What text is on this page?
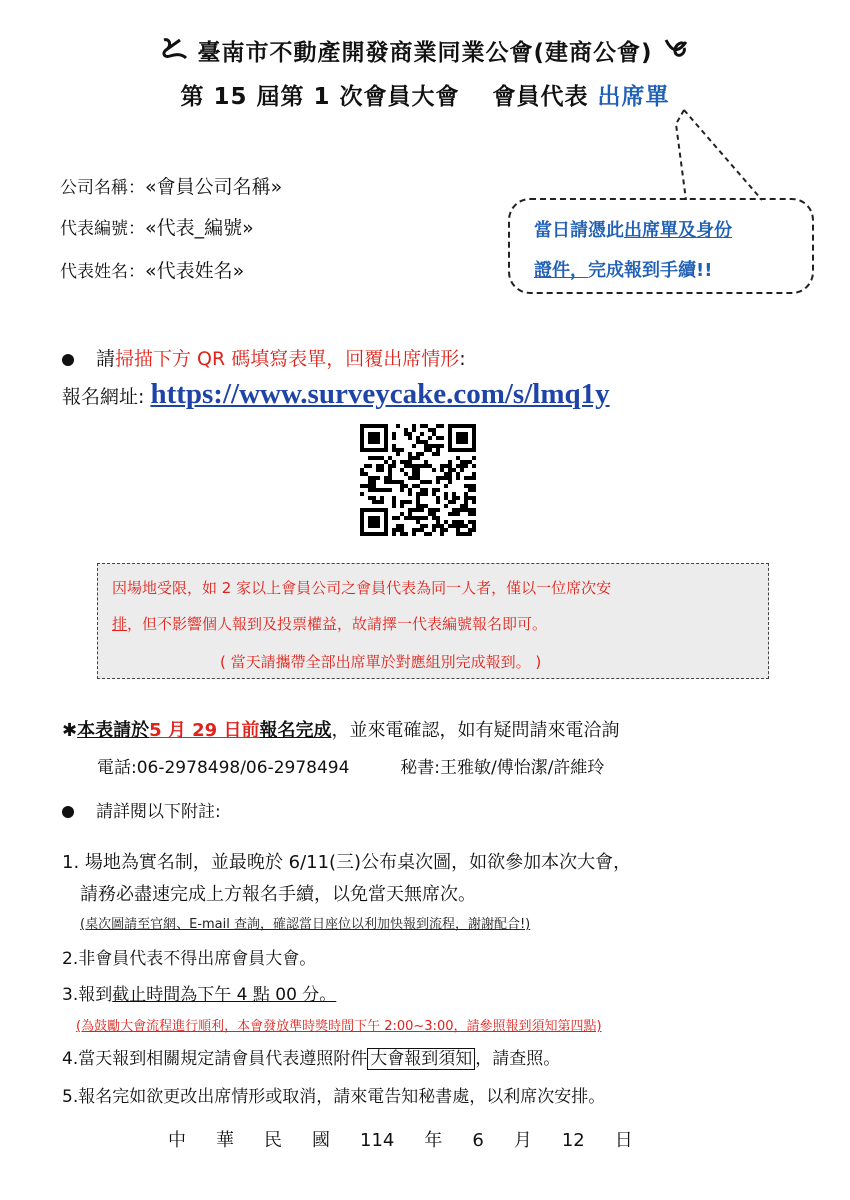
臺南市不動產開發商業同業公會(建商公會)
第 15 屆第 1 次會員大會　 會員代表 出席單
公司名稱：«會員公司名稱»
代表編號：«代表_編號»
代表姓名：«代表姓名»
當日請憑此出席單及身份
證件，完成報到手續!!
請掃描下方 QR 碼填寫表單，回覆出席情形:
報名網址: https://www.surveycake.com/s/lmq1y
因場地受限，如 2 家以上會員公司之會員代表為同一人者，僅以一位席次安
排，但不影響個人報到及投票權益，故請擇一代表編號報名即可。
( 當天請攜帶全部出席單於對應組別完成報到。 )
✱本表請於5 月 29 日前報名完成，並來電確認，如有疑問請來電洽詢
電話:06-2978498/06-2978494	秘書:王雅敏/傅怡潔/許維玲
請詳閱以下附註:
1. 場地為實名制，並最晚於 6/11(三)公布桌次圖，如欲參加本次大會，
請務必盡速完成上方報名手續，以免當天無席次。
(桌次圖請至官網、E-mail 查詢，確認當日座位以利加快報到流程，謝謝配合!)
2.非會員代表不得出席會員大會。
3.報到截止時間為下午 4 點 00 分。
(為鼓勵大會流程進行順利，本會發放準時獎時間下午 2:00~3:00，請參照報到須知第四點)
4.當天報到相關規定請會員代表遵照附件 大會報到須知 ，請查照。
5.報名完如欲更改出席情形或取消，請來電告知秘書處，以利席次安排。
中 華 民 國 114 年 6 月 12 日
